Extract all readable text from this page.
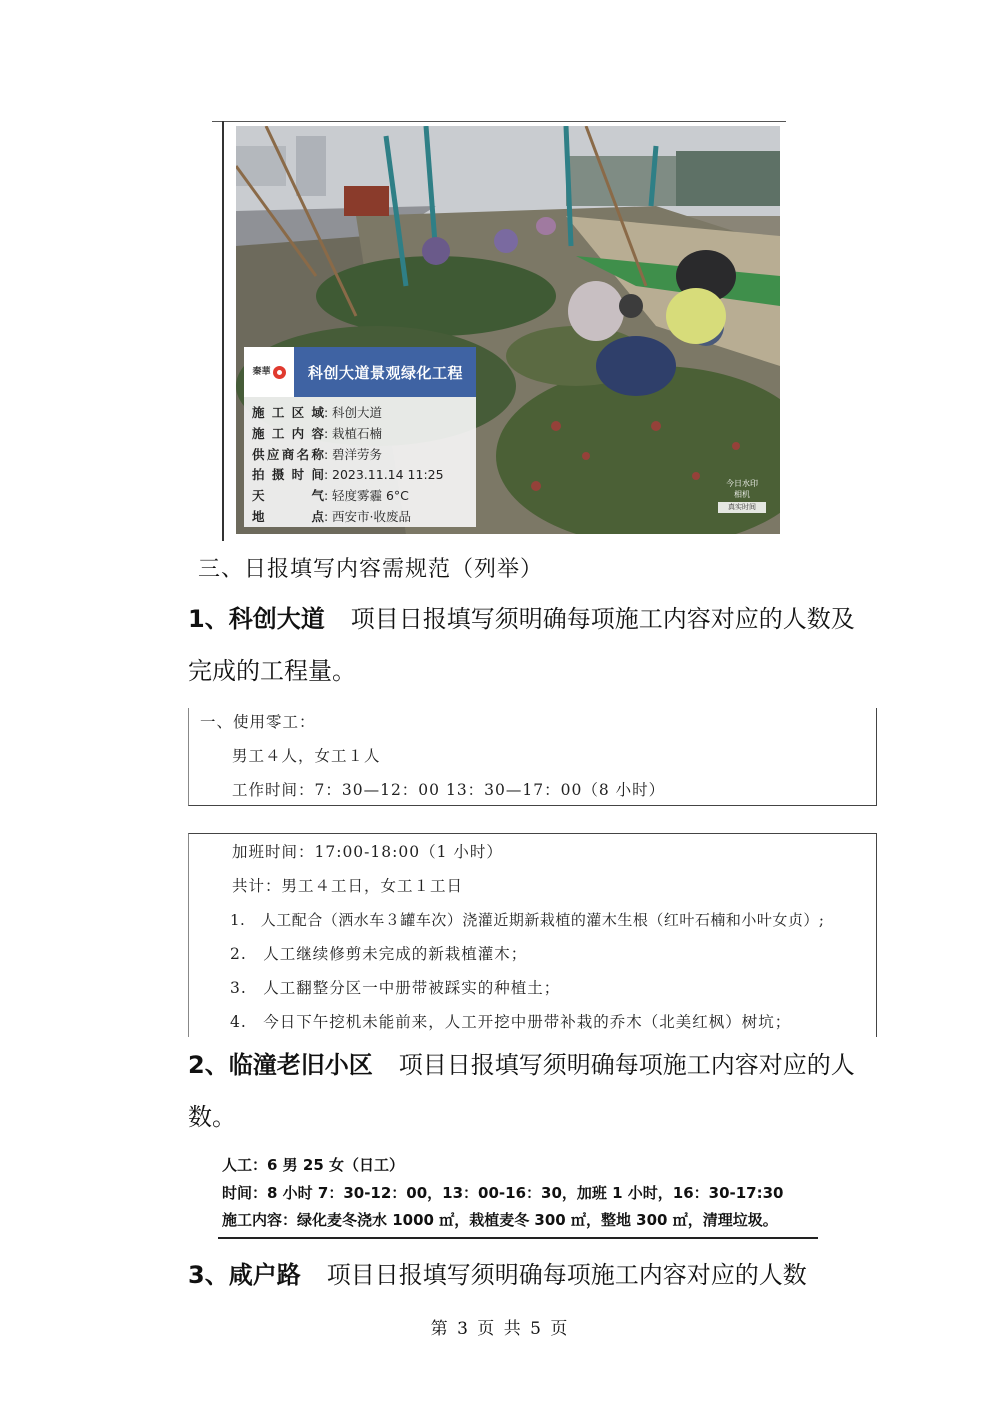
秦華	科创大道景观绿化工程
施工区域 : 科创大道
施工内容 : 栽植石楠
供应商名称 : 碧洋劳务
拍摄时间 : 2023.11.14 11:25
天气 : 轻度雾霾 6°C
地点 : 西安市·收废品
今日水印
相机
真实时间
三、日报填写内容需规范（列举）
1、科创大道 项目日报填写须明确每项施工内容对应的人数及
完成的工程量。
一、使用零工：
男工４人，女工１人
工作时间：7：30—12：00 13：30—17：00（8 小时）
加班时间：17:00-18:00（1 小时）
共计：男工４工日，女工１工日
1.　人工配合（洒水车３罐车次）浇灌近期新栽植的灌木生根（红叶石楠和小叶女贞）;
2.　人工继续修剪未完成的新栽植灌木；
3.　人工翻整分区一中册带被踩实的种植土；
4.　今日下午挖机未能前来，人工开挖中册带补栽的乔木（北美红枫）树坑；
2、临潼老旧小区 项目日报填写须明确每项施工内容对应的人
数。
人工：6 男 25 女（日工）
时间：8 小时 7：30-12：00，13：00-16：30，加班 1 小时，16：30-17:30
施工内容：绿化麦冬浇水 1000 ㎡，栽植麦冬 300 ㎡，整地 300 ㎡，清理垃圾。
3、咸户路 项目日报填写须明确每项施工内容对应的人数
第 3 页 共 5 页
